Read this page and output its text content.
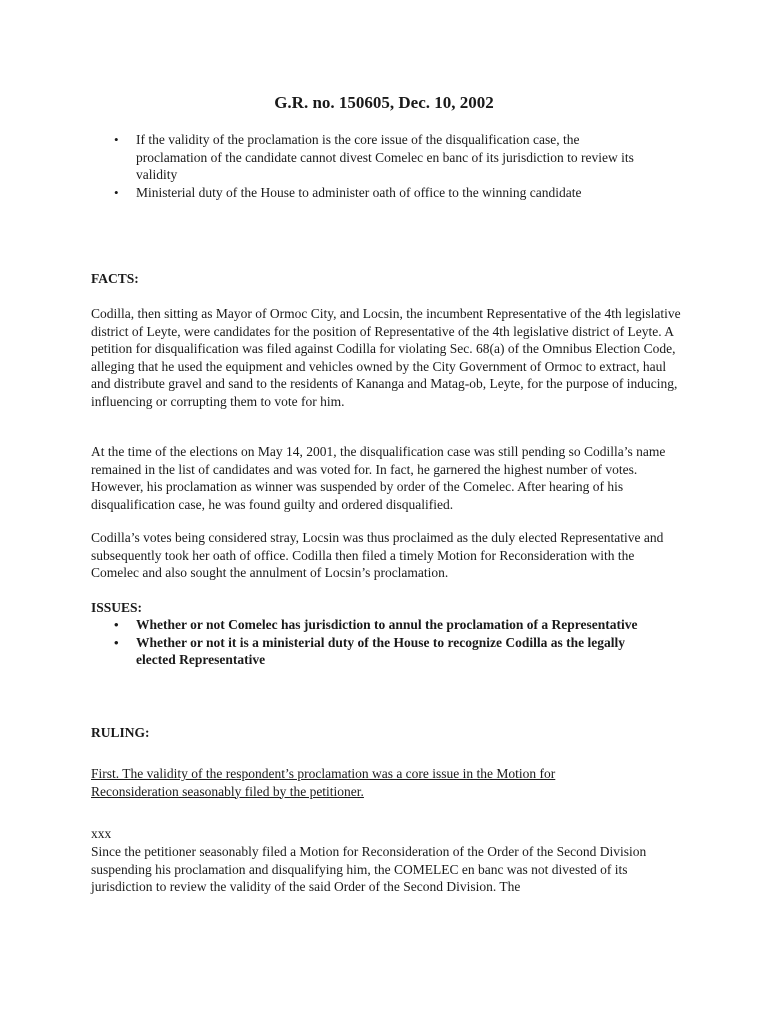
G.R. no. 150605, Dec. 10, 2002
• If the validity of the proclamation is the core issue of the disqualification case, the proclamation of the candidate cannot divest Comelec en banc of its jurisdiction to review its validity
• Ministerial duty of the House to administer oath of office to the winning candidate
FACTS:
Codilla, then sitting as Mayor of Ormoc City, and Locsin, the incumbent Representative of the 4th legislative district of Leyte, were candidates for the position of Representative of the 4th legislative district of Leyte. A petition for disqualification was filed against Codilla for violating Sec. 68(a) of the Omnibus Election Code, alleging that he used the equipment and vehicles owned by the City Government of Ormoc to extract, haul and distribute gravel and sand to the residents of Kananga and Matag-ob, Leyte, for the purpose of inducing, influencing or corrupting them to vote for him.
At the time of the elections on May 14, 2001, the disqualification case was still pending so Codilla’s name remained in the list of candidates and was voted for. In fact, he garnered the highest number of votes. However, his proclamation as winner was suspended by order of the Comelec. After hearing of his disqualification case, he was found guilty and ordered disqualified.
Codilla’s votes being considered stray, Locsin was thus proclaimed as the duly elected Representative and subsequently took her oath of office. Codilla then filed a timely Motion for Reconsideration with the Comelec and also sought the annulment of Locsin’s proclamation.
ISSUES:
• Whether or not Comelec has jurisdiction to annul the proclamation of a Representative
• Whether or not it is a ministerial duty of the House to recognize Codilla as the legally elected Representative
RULING:
First. The validity of the respondent’s proclamation was a core issue in the Motion for Reconsideration seasonably filed by the petitioner.
xxx
Since the petitioner seasonably filed a Motion for Reconsideration of the Order of the Second Division suspending his proclamation and disqualifying him, the COMELEC en banc was not divested of its jurisdiction to review the validity of the said Order of the Second Division. The
